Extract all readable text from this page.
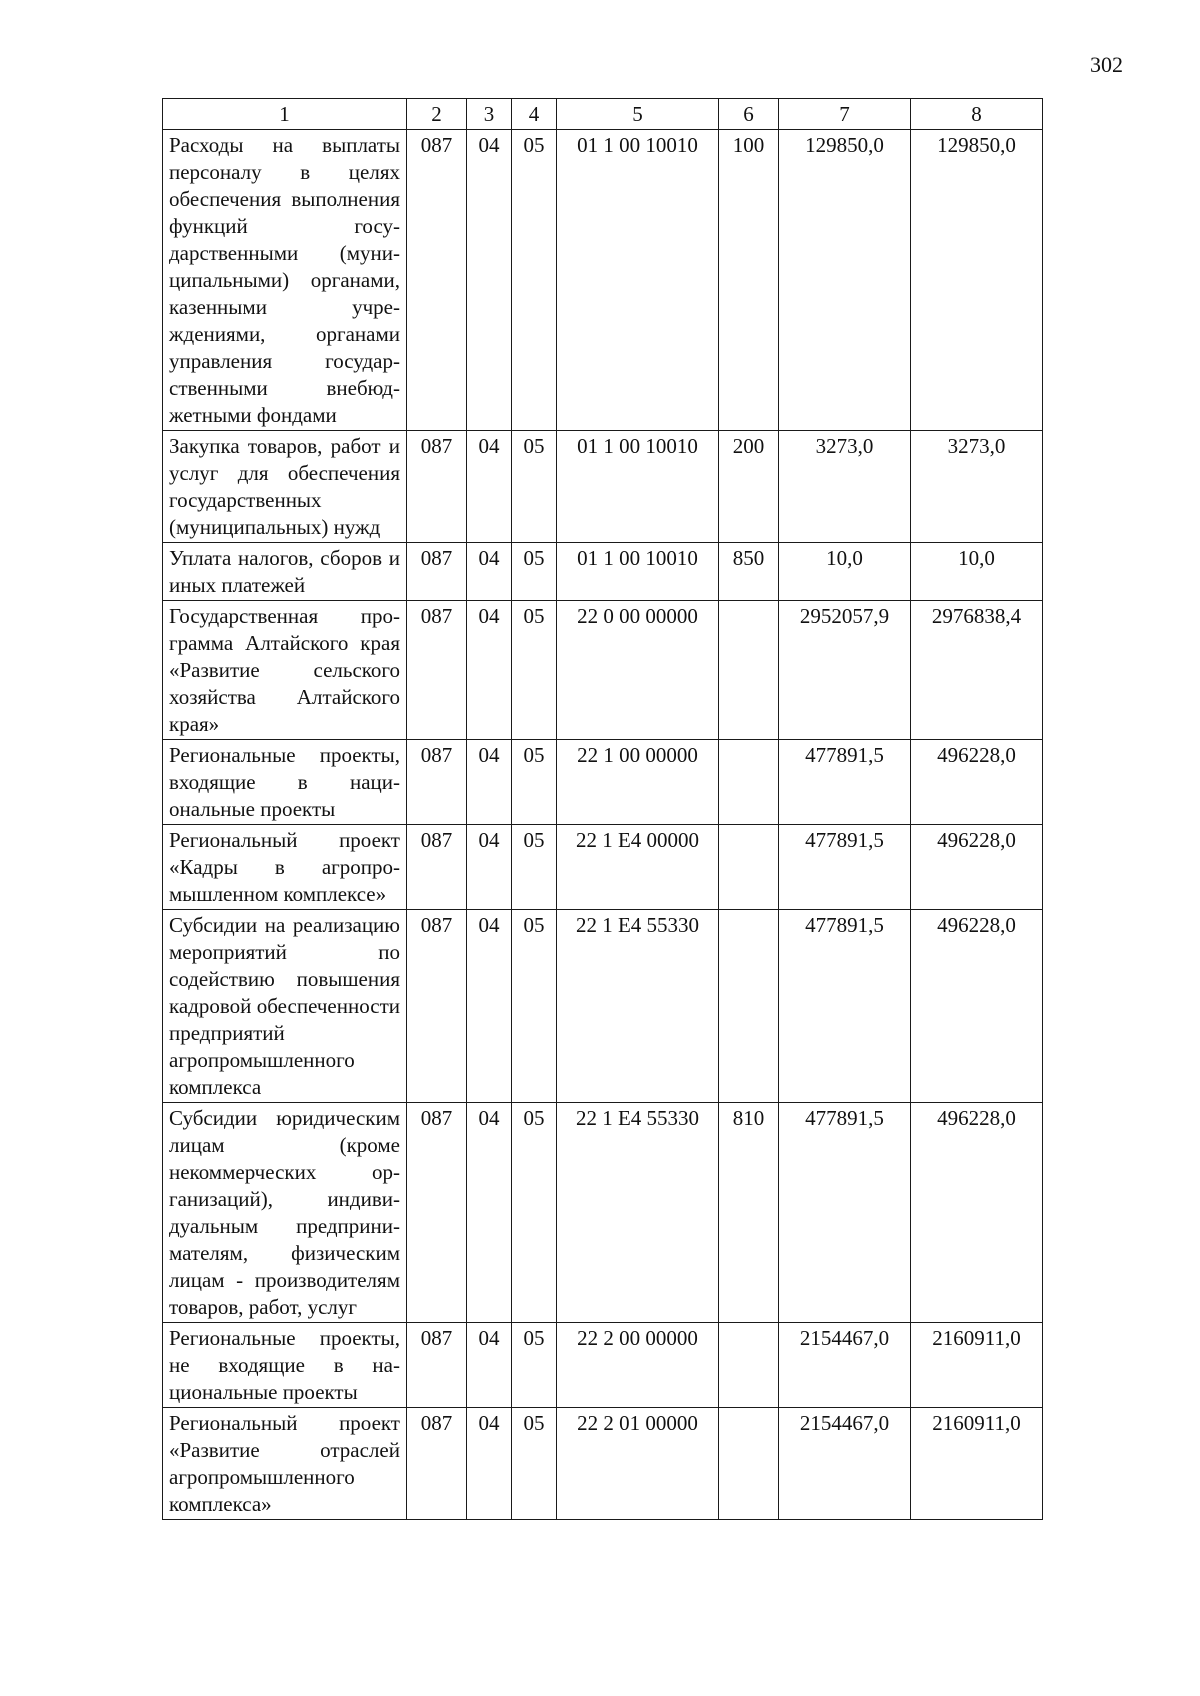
302
1	2	3	4	5	6	7	8
Расходы на выплаты персоналу в целях обеспечения выполнения функций государственными (муниципальными) органами, казенными учреждениями, органами управления государственными внебюджетными фондами	087	04	05	01 1 00 10010	100	129850,0	129850,0
Закупка товаров, работ и услуг для обеспечения государственных (муниципальных) нужд	087	04	05	01 1 00 10010	200	3273,0	3273,0
Уплата налогов, сборов и иных платежей	087	04	05	01 1 00 10010	850	10,0	10,0
Государственная программа Алтайского края «Развитие сельского хозяйства Алтайского края»	087	04	05	22 0 00 00000		2952057,9	2976838,4
Региональные проекты, входящие в национальные проекты	087	04	05	22 1 00 00000		477891,5	496228,0
Региональный проект «Кадры в агропромышленном комплексе»	087	04	05	22 1 E4 00000		477891,5	496228,0
Субсидии на реализацию мероприятий по содействию повышения кадровой обеспеченности предприятий агропромышленного комплекса	087	04	05	22 1 E4 55330		477891,5	496228,0
Субсидии юридическим лицам (кроме некоммерческих организаций), индивидуальным предпринимателям, физическим лицам - производителям товаров, работ, услуг	087	04	05	22 1 E4 55330	810	477891,5	496228,0
Региональные проекты, не входящие в национальные проекты	087	04	05	22 2 00 00000		2154467,0	2160911,0
Региональный проект «Развитие отраслей агропромышленного комплекса»	087	04	05	22 2 01 00000		2154467,0	2160911,0
